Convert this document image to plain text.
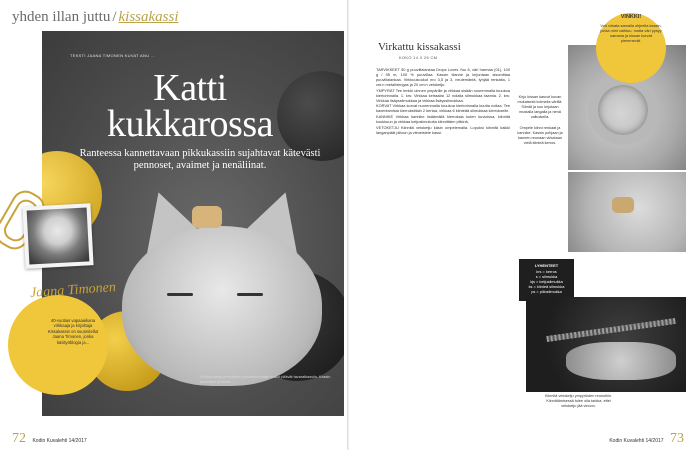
yhden illan juttu / kissakassi
TEKSTI JAANA TIMONEN KUVAT ANU ...
Katti kukkarossa
Ranteessa kannettavaan pikkukassiin sujahtavat kätevästi pennoset, avaimet ja nenäliinat.
Virkkaa kassi terveliseen pientenkohdalle kuviot pitävät tavaratkassiin. Kassin kuvioiden ja kukat...
Jaana Timonen
40-vuotias vapaaaikana virkkaaja ja kirjoittaja Kissakassin on suunnitellut Jaana Timonen, jonka käsityöblogia ja...
72 Kodin Kuvalehti 14/2017
Virkattu kissakassi
KOKO 14 X 26 CM

TARVIKKEET 50 g puuvillalankaa Drops Loves You 6, väri harmaa (01), 100 g / 95 m, 100 % puuvillaa. Kassin tilanne ja kirjontaan sisumittaa puuvillalankaa. Virkkuukoukut nro 3,5 ja 3, neulemäntä, tyhjää renkaita, 1 cm:n metallirengas ja 20 cm:n vetoketju.

YMPYRÄT Tee lenkki uinnen ympärille ja virkkaa sisään nuorenmalla kruukoa kiertorinnalla. 1. krs: Virkkaa kertaaksi 12 nolalla silmukkaa taamia. 2. krs: Virkkaa lisäyssilmukkaa ja virkkaa lisäyssilmukkaa.

KORVAT Virkkaa korvat nuorenmalla kruukoa kiertorinnalla kuutta nollaa. Tee kaventamista kierroksittain 2 kertaa, virkkaa 6 kiinteää silmukkaa kierrokselle.

KANNIKE Virkkaa kannike lisäämällä kierroksia kuten kuvioissa, kiinnitä koukkuun ja virkkaa ketjusilmukoita kiinnittäen pitkinä.

VETOKETJU Kiinnitä vetoketju käsin ompelemalla. Lopuksi kiinnitä kaikki langanpäät piiloon ja viimeistele kassi.

Kirjo kissan kasvot kuvan mukaisesti kolmella värillä. Silmät ja suu kirjotaan mustalla langalla ja nenä valkoisella.

Ompele kiinni renkaat ja kannike. Kassin pohjaan ja kannen reunaan virkataan vielä kiinteä kerros.

VINKKI!
Voit virkata samalla ohjeella kassin, jonka nimi vaihtuu, mutta väri pysyy samana ja kissan korvat pienenevät.
LYHENTEET
krs = kerros
s = silmukka
kjs = ketjusilmukka
ks = kiinteä silmukka
ps = piilosilmukka
Kiinnitä vetoketju ympyröiden reunoihin. Kiinnittämisessä tulee olla tarkka, ettei vetoketju jää vinoon.
Kodin Kuvalehti 14/2017 73
